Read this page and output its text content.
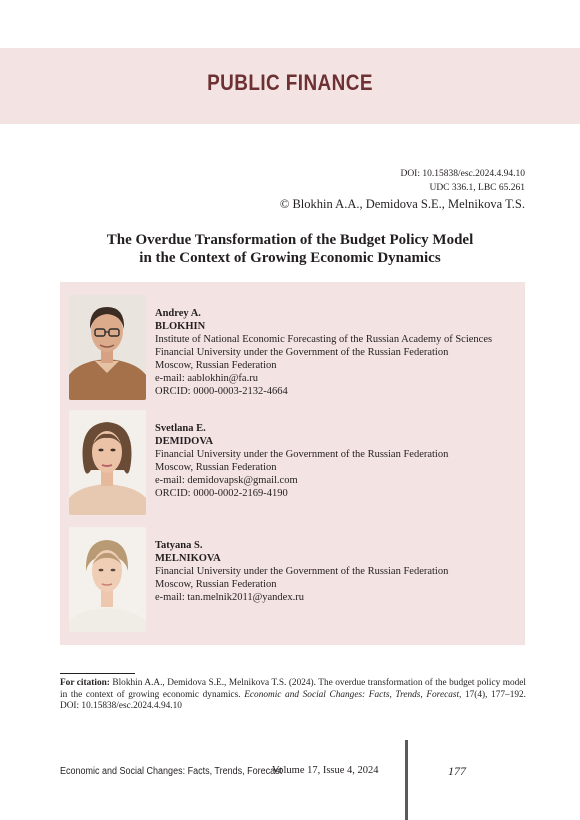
PUBLIC FINANCE
DOI: 10.15838/esc.2024.4.94.10
UDC 336.1, LBC 65.261
© Blokhin A.A., Demidova S.E., Melnikova T.S.
The Overdue Transformation of the Budget Policy Model
in the Context of Growing Economic Dynamics
Andrey A.
BLOKHIN
Institute of National Economic Forecasting of the Russian Academy of Sciences
Financial University under the Government of the Russian Federation
Moscow, Russian Federation
e-mail: aablokhin@fa.ru
ORCID: 0000-0003-2132-4664
Svetlana E.
DEMIDOVA
Financial University under the Government of the Russian Federation
Moscow, Russian Federation
e-mail: demidovapsk@gmail.com
ORCID: 0000-0002-2169-4190
Tatyana S.
MELNIKOVA
Financial University under the Government of the Russian Federation
Moscow, Russian Federation
e-mail: tan.melnik2011@yandex.ru
For citation: Blokhin A.A., Demidova S.E., Melnikova T.S. (2024). The overdue transformation of the budget policy model in the context of growing economic dynamics. Economic and Social Changes: Facts, Trends, Forecast, 17(4), 177–192. DOI: 10.15838/esc.2024.4.94.10
Economic and Social Changes: Facts, Trends, Forecast
Volume 17, Issue 4, 2024	177
